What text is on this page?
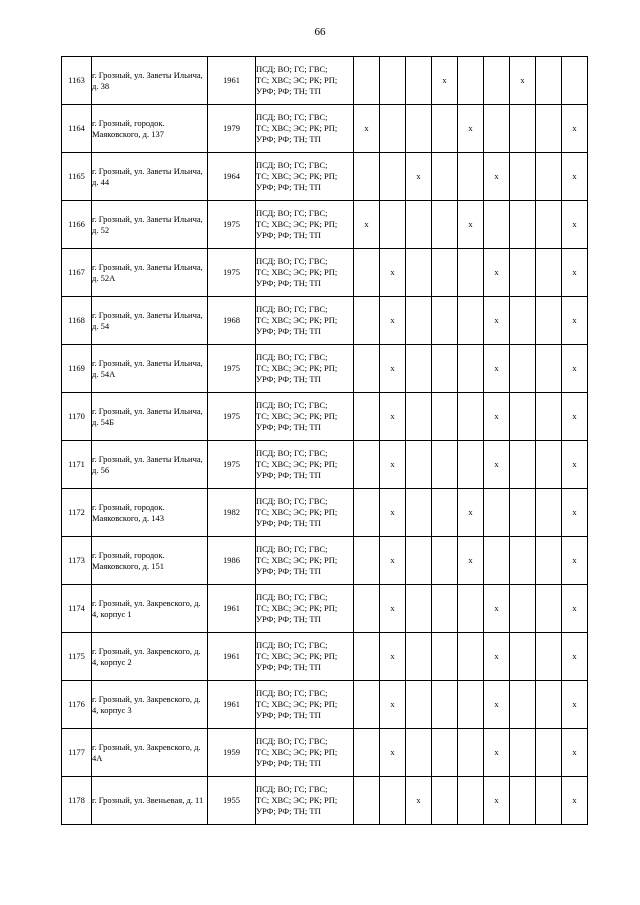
66
1163	г. Грозный, ул. Заветы Ильича, д. 38	1961	ПСД; ВО; ГС; ГВС;
ТС; ХВС; ЭС; РК; РП;
УРФ; РФ; ТН; ТП				x			x		
1164	г. Грозный, городок. Маяковского, д. 137	1979	ПСД; ВО; ГС; ГВС;
ТС; ХВС; ЭС; РК; РП;
УРФ; РФ; ТН; ТП	x				x				x
1165	г. Грозный, ул. Заветы Ильича, д. 44	1964	ПСД; ВО; ГС; ГВС;
ТС; ХВС; ЭС; РК; РП;
УРФ; РФ; ТН; ТП			x			x			x
1166	г. Грозный, ул. Заветы Ильича, д. 52	1975	ПСД; ВО; ГС; ГВС;
ТС; ХВС; ЭС; РК; РП;
УРФ; РФ; ТН; ТП	x				x				x
1167	г. Грозный, ул. Заветы Ильича, д. 52А	1975	ПСД; ВО; ГС; ГВС;
ТС; ХВС; ЭС; РК; РП;
УРФ; РФ; ТН; ТП		x				x			x
1168	г. Грозный, ул. Заветы Ильича, д. 54	1968	ПСД; ВО; ГС; ГВС;
ТС; ХВС; ЭС; РК; РП;
УРФ; РФ; ТН; ТП		x				x			x
1169	г. Грозный, ул. Заветы Ильича, д. 54А	1975	ПСД; ВО; ГС; ГВС;
ТС; ХВС; ЭС; РК; РП;
УРФ; РФ; ТН; ТП		x				x			x
1170	г. Грозный, ул. Заветы Ильича, д. 54Б	1975	ПСД; ВО; ГС; ГВС;
ТС; ХВС; ЭС; РК; РП;
УРФ; РФ; ТН; ТП		x				x			x
1171	г. Грозный, ул. Заветы Ильича, д. 56	1975	ПСД; ВО; ГС; ГВС;
ТС; ХВС; ЭС; РК; РП;
УРФ; РФ; ТН; ТП		x				x			x
1172	г. Грозный, городок. Маяковского, д. 143	1982	ПСД; ВО; ГС; ГВС;
ТС; ХВС; ЭС; РК; РП;
УРФ; РФ; ТН; ТП		x			x				x
1173	г. Грозный, городок. Маяковского, д. 151	1986	ПСД; ВО; ГС; ГВС;
ТС; ХВС; ЭС; РК; РП;
УРФ; РФ; ТН; ТП		x			x				x
1174	г. Грозный, ул. Закревского, д. 4, корпус 1	1961	ПСД; ВО; ГС; ГВС;
ТС; ХВС; ЭС; РК; РП;
УРФ; РФ; ТН; ТП		x				x			x
1175	г. Грозный, ул. Закревского, д. 4, корпус 2	1961	ПСД; ВО; ГС; ГВС;
ТС; ХВС; ЭС; РК; РП;
УРФ; РФ; ТН; ТП		x				x			x
1176	г. Грозный, ул. Закревского, д. 4, корпус 3	1961	ПСД; ВО; ГС; ГВС;
ТС; ХВС; ЭС; РК; РП;
УРФ; РФ; ТН; ТП		x				x			x
1177	г. Грозный, ул. Закревского, д. 4А	1959	ПСД; ВО; ГС; ГВС;
ТС; ХВС; ЭС; РК; РП;
УРФ; РФ; ТН; ТП		x				x			x
1178	г. Грозный, ул. Звеньевая, д. 11	1955	ПСД; ВО; ГС; ГВС;
ТС; ХВС; ЭС; РК; РП;
УРФ; РФ; ТН; ТП			x			x			x
